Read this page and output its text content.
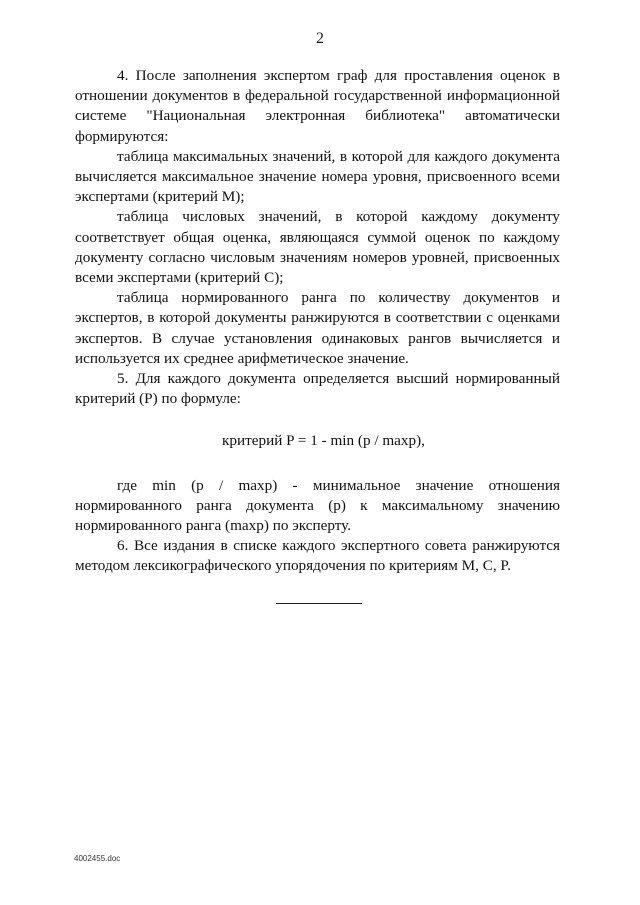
2

4. После заполнения экспертом граф для проставления оценок в отношении документов в федеральной государственной информационной системе "Национальная электронная библиотека" автоматически формируются:

таблица максимальных значений, в которой для каждого документа вычисляется максимальное значение номера уровня, присвоенного всеми экспертами (критерий M);

таблица числовых значений, в которой каждому документу соответствует общая оценка, являющаяся суммой оценок по каждому документу согласно числовым значениям номеров уровней, присвоенных всеми экспертами (критерий C);

таблица нормированного ранга по количеству документов и экспертов, в которой документы ранжируются в соответствии с оценками экспертов. В случае установления одинаковых рангов вычисляется и используется их среднее арифметическое значение.

5. Для каждого документа определяется высший нормированный критерий (P) по формуле:

критерий P = 1 - min (p / maxp),

где min (p / maxp) - минимальное значение отношения нормированного ранга документа (p) к максимальному значению нормированного ранга (maxp) по эксперту.

6. Все издания в списке каждого экспертного совета ранжируются методом лексикографического упорядочения по критериям M, C, P.

4002455.doc
